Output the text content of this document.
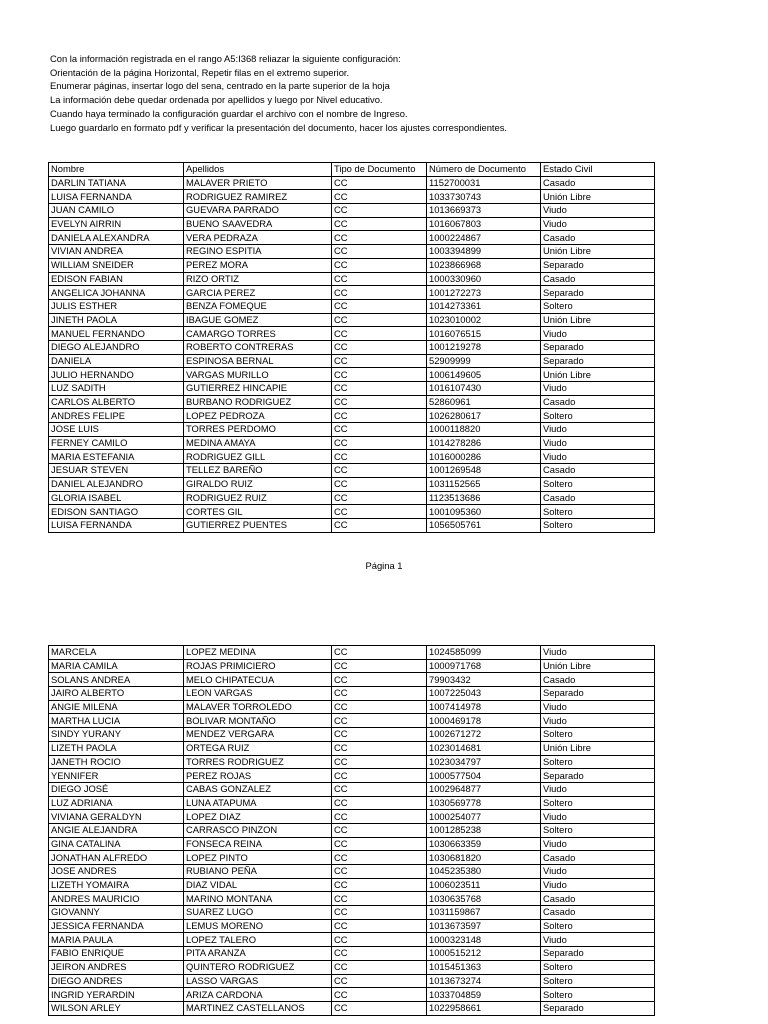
Con la información registrada en el rango A5:I368 reliazar la siguiente configuración:
Orientación de la página Horizontal, Repetir filas en el extremo superior.
Enumerar páginas, insertar logo del sena, centrado en la parte superior de la hoja
La información debe quedar ordenada por apellidos y luego por Nivel educativo.
Cuando haya terminado la configuración guardar el archivo con el nombre de Ingreso.
Luego guardarlo en formato pdf y verificar la presentación del documento, hacer los ajustes correspondientes.
Nombre	Apellidos	Tipo de Documento	Número de Documento	Estado Civil
DARLIN TATIANA	MALAVER PRIETO	CC	1152700031	Casado
LUISA FERNANDA	RODRIGUEZ RAMIREZ	CC	1033730743	Unión Libre
JUAN CAMILO	GUEVARA PARRADO	CC	1013669373	Viudo
EVELYN AIRRIN	BUENO SAAVEDRA	CC	1016067803	Viudo
DANIELA ALEXANDRA	VERA PEDRAZA	CC	1000224867	Casado
VIVIAN ANDREA	REGINO ESPITIA	CC	1003394899	Unión Libre
WILLIAM SNEIDER	PEREZ MORA	CC	1023866968	Separado
EDISON FABIAN	RIZO ORTIZ	CC	1000330960	Casado
ANGELICA JOHANNA	GARCIA PEREZ	CC	1001272273	Separado
JULIS ESTHER	BENZA FOMEQUE	CC	1014273361	Soltero
JINETH PAOLA	IBAGUE GOMEZ	CC	1023010002	Unión Libre
MANUEL FERNANDO	CAMARGO TORRES	CC	1016076515	Viudo
DIEGO ALEJANDRO	ROBERTO CONTRERAS	CC	1001219278	Separado
DANIELA	ESPINOSA BERNAL	CC	52909999	Separado
JULIO HERNANDO	VARGAS MURILLO	CC	1006149605	Unión Libre
LUZ SADITH	GUTIERREZ HINCAPIE	CC	1016107430	Viudo
CARLOS ALBERTO	BURBANO RODRIGUEZ	CC	52860961	Casado
ANDRES FELIPE	LOPEZ PEDROZA	CC	1026280617	Soltero
JOSE LUIS	TORRES PERDOMO	CC	1000118820	Viudo
FERNEY CAMILO	MEDINA AMAYA	CC	1014278286	Viudo
MARIA ESTEFANIA	RODRIGUEZ GILL	CC	1016000286	Viudo
JESUAR STEVEN	TELLEZ BAREÑO	CC	1001269548	Casado
DANIEL ALEJANDRO	GIRALDO RUIZ	CC	1031152565	Soltero
GLORIA ISABEL	RODRIGUEZ RUIZ	CC	1123513686	Casado
EDISON SANTIAGO	CORTES GIL	CC	1001095360	Soltero
LUISA FERNANDA	GUTIERREZ PUENTES	CC	1056505761	Soltero
Página 1
MARCELA	LOPEZ MEDINA	CC	1024585099	Viudo
MARIA CAMILA	ROJAS PRIMICIERO	CC	1000971768	Unión Libre
SOLANS ANDREA	MELO CHIPATECUA	CC	79903432	Casado
JAIRO ALBERTO	LEON VARGAS	CC	1007225043	Separado
ANGIE MILENA	MALAVER TORROLEDO	CC	1007414978	Viudo
MARTHA LUCIA	BOLIVAR MONTAÑO	CC	1000469178	Viudo
SINDY YURANY	MENDEZ VERGARA	CC	1002671272	Soltero
LIZETH PAOLA	ORTEGA RUIZ	CC	1023014681	Unión Libre
JANETH ROCIO	TORRES RODRIGUEZ	CC	1023034797	Soltero
YENNIFER	PEREZ ROJAS	CC	1000577504	Separado
DIEGO JOSÉ	CABAS GONZALEZ	CC	1002964877	Viudo
LUZ ADRIANA	LUNA ATAPUMA	CC	1030569778	Soltero
VIVIANA GERALDYN	LOPEZ DIAZ	CC	1000254077	Viudo
ANGIE ALEJANDRA	CARRASCO PINZON	CC	1001285238	Soltero
GINA CATALINA	FONSECA REINA	CC	1030663359	Viudo
JONATHAN ALFREDO	LOPEZ PINTO	CC	1030681820	Casado
JOSE ANDRES	RUBIANO PEÑA	CC	1045235380	Viudo
LIZETH YOMAIRA	DIAZ VIDAL	CC	1006023511	Viudo
ANDRES MAURICIO	MARINO MONTANA	CC	1030635768	Casado
GIOVANNY	SUAREZ LUGO	CC	1031159867	Casado
JESSICA FERNANDA	LEMUS MORENO	CC	1013673597	Soltero
MARIA PAULA	LOPEZ TALERO	CC	1000323148	Viudo
FABIO ENRIQUE	PITA ARANZA	CC	1000515212	Separado
JEIRON ANDRES	QUINTERO RODRIGUEZ	CC	1015451363	Soltero
DIEGO ANDRES	LASSO VARGAS	CC	1013673274	Soltero
INGRID YERARDIN	ARIZA CARDONA	CC	1033704859	Soltero
WILSON ARLEY	MARTINEZ CASTELLANOS	CC	1022958661	Separado
